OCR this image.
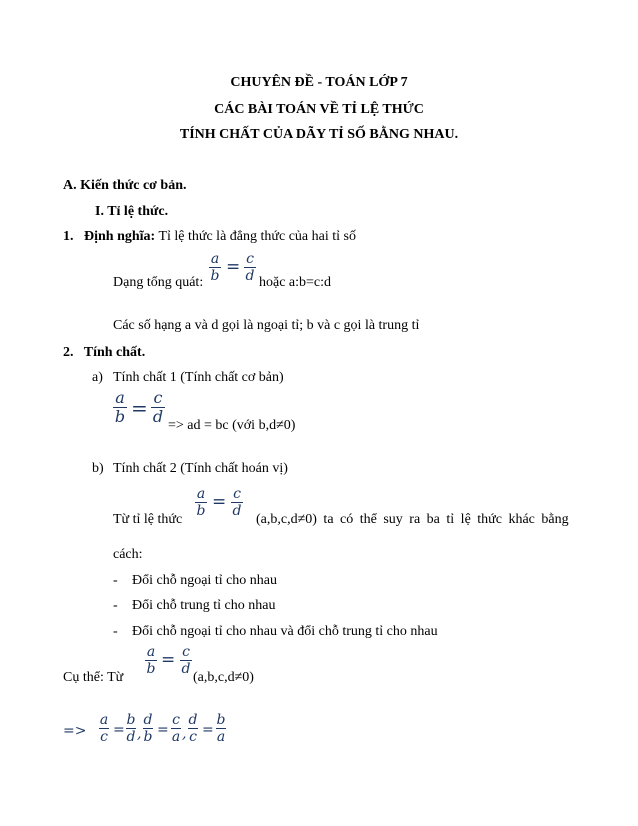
CHUYÊN ĐỀ - TOÁN LỚP 7
CÁC BÀI TOÁN VỀ TỈ LỆ THỨC
TÍNH CHẤT CỦA DÃY TỈ SỐ BẰNG NHAU.
A. Kiến thức cơ bản.
I. Tỉ lệ thức.
1. Định nghĩa: Tỉ lệ thức là đẳng thức của hai tỉ số
a
b = c
d
Dạng tổng quát:	hoặc a:b=c:d
Các số hạng a và d gọi là ngoại tỉ; b và c gọi là trung tỉ
2. Tính chất.
a) Tính chất 1 (Tính chất cơ bản)
a
b = c
d => ad = bc (với b,d≠0)
b) Tính chất 2 (Tính chất hoán vị)
a
b = c
d
Từ tỉ lệ thức	(a,b,c,d≠0) ta có thể suy ra ba tỉ lệ thức khác bằng
cách:
- Đổi chỗ ngoại tỉ cho nhau
- Đổi chỗ trung tỉ cho nhau
- Đổi chỗ ngoại tỉ cho nhau và đổi chỗ trung tỉ cho nhau
a
b = c
d
Cụ thể: Từ	(a,b,c,d≠0)
=>
a
c =
b
d ,
d
b =
c
a ,
d
c =
b
a
